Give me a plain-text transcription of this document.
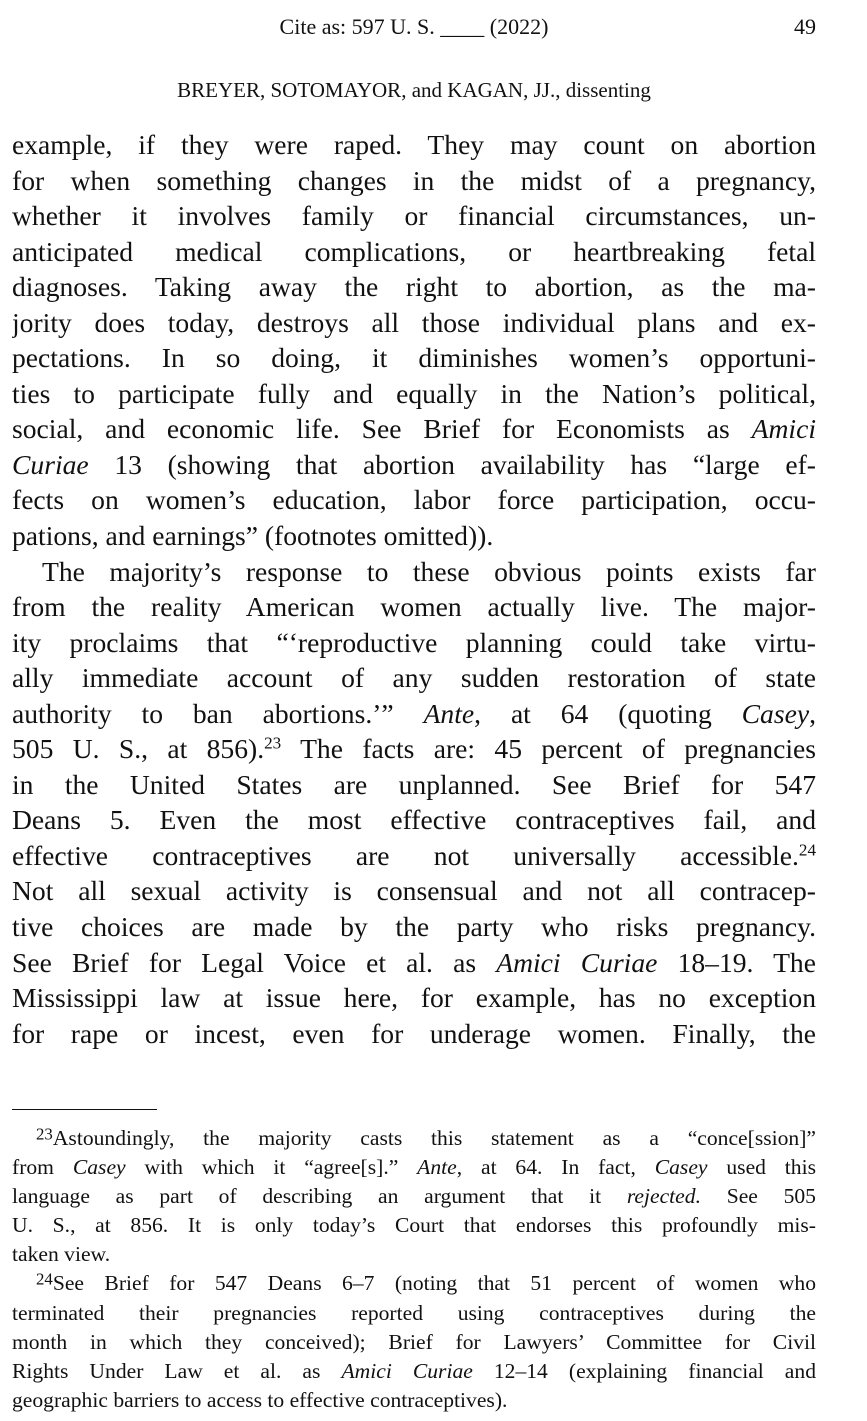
Cite as: 597 U. S. ____ (2022)	49
BREYER, SOTOMAYOR, and KAGAN, JJ., dissenting
example, if they were raped. They may count on abortion
for when something changes in the midst of a pregnancy,
whether it involves family or financial circumstances, un-
anticipated medical complications, or heartbreaking fetal
diagnoses. Taking away the right to abortion, as the ma-
jority does today, destroys all those individual plans and ex-
pectations. In so doing, it diminishes women’s opportuni-
ties to participate fully and equally in the Nation’s political,
social, and economic life. See Brief for Economists as Amici
Curiae 13 (showing that abortion availability has “large ef-
fects on women’s education, labor force participation, occu-
pations, and earnings” (footnotes omitted)).
The majority’s response to these obvious points exists far
from the reality American women actually live. The major-
ity proclaims that “‘reproductive planning could take virtu-
ally immediate account of any sudden restoration of state
authority to ban abortions.’” Ante, at 64 (quoting Casey,
505 U. S., at 856).$^{23}$ The facts are: 45 percent of pregnancies
in the United States are unplanned. See Brief for 547
Deans 5. Even the most effective contraceptives fail, and
effective contraceptives are not universally accessible.$^{24}$
Not all sexual activity is consensual and not all contracep-
tive choices are made by the party who risks pregnancy.
See Brief for Legal Voice et al. as Amici Curiae 18–19. The
Mississippi law at issue here, for example, has no exception
for rape or incest, even for underage women. Finally, the
$^{23}$Astoundingly, the majority casts this statement as a “conce[ssion]”
from Casey with which it “agree[s].” Ante, at 64. In fact, Casey used this
language as part of describing an argument that it rejected. See 505
U. S., at 856. It is only today’s Court that endorses this profoundly mis-
taken view.
$^{24}$See Brief for 547 Deans 6–7 (noting that 51 percent of women who
terminated their pregnancies reported using contraceptives during the
month in which they conceived); Brief for Lawyers’ Committee for Civil
Rights Under Law et al. as Amici Curiae 12–14 (explaining financial and
geographic barriers to access to effective contraceptives).
